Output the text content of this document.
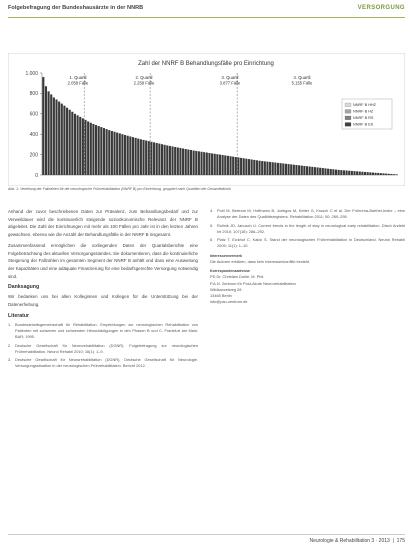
Folgebefragung der Bundeshausärzte in der NNRB	VERSORGUNG
Zahl der NNRF B Behandlungsfälle pro Einrichtung
0
200
400
600
800
1.000
1. Quartil
2.058 Fälle
2. Quartil
2.258 Fälle
3. Quartil
3.877 Fälle
4. Quartil
5.155 Fälle
NNRF B HHZ
NNRF B HZ
NNRF B RS
NNRF B ES
Abb. 1: Verteilung der Fallzahlen für die neurologische Frührehabilitation (NNRF B) pro Einrichtung, gruppiert nach Quartilen der Gesamtfallzahl.

Anhand der zuvor beschriebenen Daten zur Prävalenz, zum Behandlungsbedarf und zur Verweildauer wird die kontinuierlich steigende sozioökonomische Relevanz der NNRF B abgeleitet. Die Zahl der Einrichtungen mit mehr als 100 Fällen pro Jahr ist in den letzten Jahren gewachsen, ebenso wie die Anzahl der Behandlungsfälle in der NNRF B insgesamt.

Zusammenfassend ermöglichen die vorliegenden Daten der Quartalsberichte eine Folgebetrachtung des aktuellen Versorgungsstandes. Sie dokumentieren, dass die kontinuierliche Steigerung der Fallzahlen im gesamten Segment der NNRF B anhält und dass eine Ausweitung der Kapazitäten und eine adäquate Finanzierung für eine bedarfsgerechte Versorgung notwendig sind.

Danksagung

Wir bedanken uns bei allen Kolleginnen und Kollegen für die Unterstützung bei der Datenerhebung.

Literatur
1. Bundesarbeitsgemeinschaft für Rehabilitation. Empfehlungen zur neurologischen Rehabilitation von Patienten mit schweren und schwersten Hirnschädigungen in den Phasen B und C. Frankfurt am Main: BAR; 1995.
2. Deutsche Gesellschaft für Neurorehabilitation (DGNR). Folgebefragung zur neurologischen Frührehabilitation. Neurol Rehabil 2010; 16(1): 1–9.
3. Deutsche Gesellschaft für Neurorehabilitation (DGNR), Deutsche Gesellschaft für Neurologie. Versorgungssituation in der neurologischen Frührehabilitation. Bericht 2012.
4. Pohl M, Bertram M, Hoffmann B, Joebges M, Ketter G, Krusch C et al. Der Frühreha-Barthel-Index – eine Analyse der Daten des Qualitätsregisters. Rehabilitation 2011; 50: 289–295.
5. Rollnik JD, Janosch U. Current trends in the length of stay in neurological early rehabilitation. Dtsch Arztebl Int 2010; 107(16): 286–292.
6. Platz T, Eickhof C, Kaick S. Stand der neurologischen Frührehabilitation in Deutschland. Neurol Rehabil 2005; 11(1): 1–10.
Interessenvermerk
Die Autoren erklären, dass kein Interessenkonflikt besteht.
Korrespondenzadresse
PD Dr. Christian Dohle, M. Phil.
P.A.N. Zentrum für Post-Akute Neurorehabilitation
Wildkanzelweg 28
13465 Berlin
info@pan-zentrum.de
Neurologie & Rehabilitation 3 · 2013  |  175
